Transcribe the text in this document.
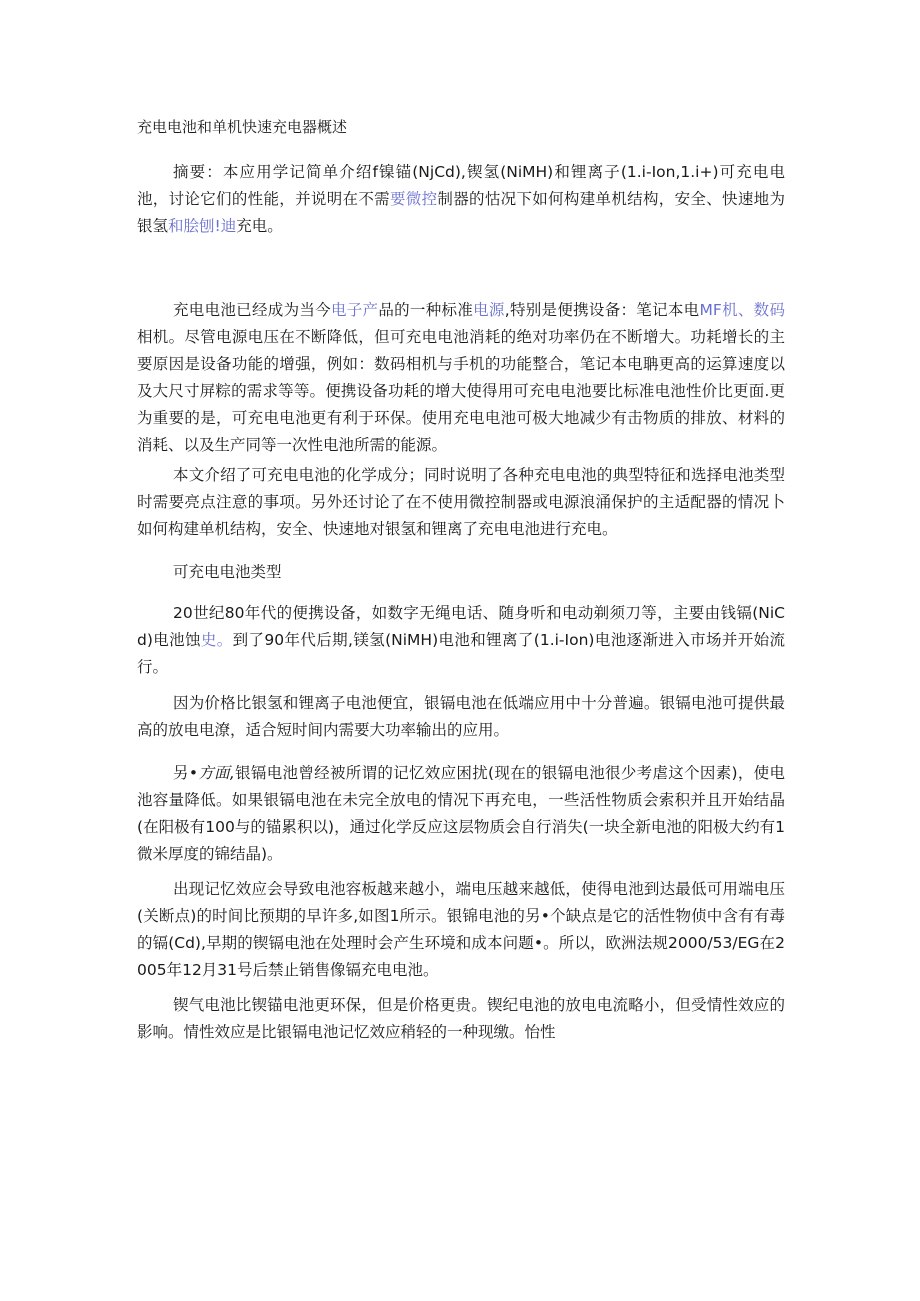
充电电池和单机快速充电器概述
摘要：本应用学记简单介绍f镍锚(NjCd),锲氢(NiMH)和锂离子(1.i-Ion,1.i+)可充电电池，讨论它们的性能，并说明在不需要微控制器的怙况下如何构建单机结构，安全、快速地为银氢和脍刨!迪充电。
充电电池已经成为当今电子产品的一种标准电源,特别是便携设备：笔记本电MF机、数码相机。尽管电源电压在不断降低，但可充电电池消耗的绝对功率仍在不断增大。功耗增长的主要原因是设备功能的增强，例如：数码相机与手机的功能整合，笔记本电聃更高的运算速度以及大尺寸屏粽的需求等等。便携设备功耗的增大使得用可充电电池要比标准电池性价比更面.更为重要的是，可充电电池更有利于环保。使用充电电池可极大地减少有击物质的排放、材料的消耗、以及生产同等一次性电池所需的能源。
本文介绍了可充电电池的化学成分；同时说明了各种充电电池的典型特征和选择电池类型时需要亮点注意的事项。另外还讨论了在不使用微控制器或电源浪涌保护的主适配器的情况卜如何构建单机结构，安全、快速地对银氢和锂离了充电电池进行充电。
可充电电池类型
20世纪80年代的便携设备，如数字无绳电话、随身听和电动剃须刀等，主要由钱镉(NiCd)电池蚀史。到了90年代后期,镁氢(NiMH)电池和锂离了(1.i-Ion)电池逐渐进入市场并开始流行。
因为价格比银氢和锂离子电池便宜，银镉电池在低端应用中十分普遍。银镉电池可提供最高的放电电潦，适合短时间内需要大功率输出的应用。
另•方面,银镉电池曾经被所谓的记忆效应困扰(现在的银镉电池很少考虐这个因素)，使电池容量降低。如果银镉电池在未完全放电的情况下再充电，一些活性物质会索积并且开始结晶(在阳极有100与的锚累积以)，通过化学反应这层物质会自行消失(一块全新电池的阳极大约有1微米厚度的锦结晶)。
出现记忆效应会导致电池容板越来越小，端电压越来越低，使得电池到达最低可用端电压(关断点)的时间比预期的早许多,如图1所示。银锦电池的另•个缺点是它的活性物侦中含有有毒的镉(Cd),早期的锲镉电池在处理时会产生环境和成本问题•。所以，欧洲法规2000/53/EG在2005年12月31号后禁止销售像镉充电电池。
锲气电池比锲锚电池更环保，但是价格更贵。锲纪电池的放电电流略小，但受情性效应的影响。情性效应是比银镉电池记忆效应稍轻的一种现缴。怡性
